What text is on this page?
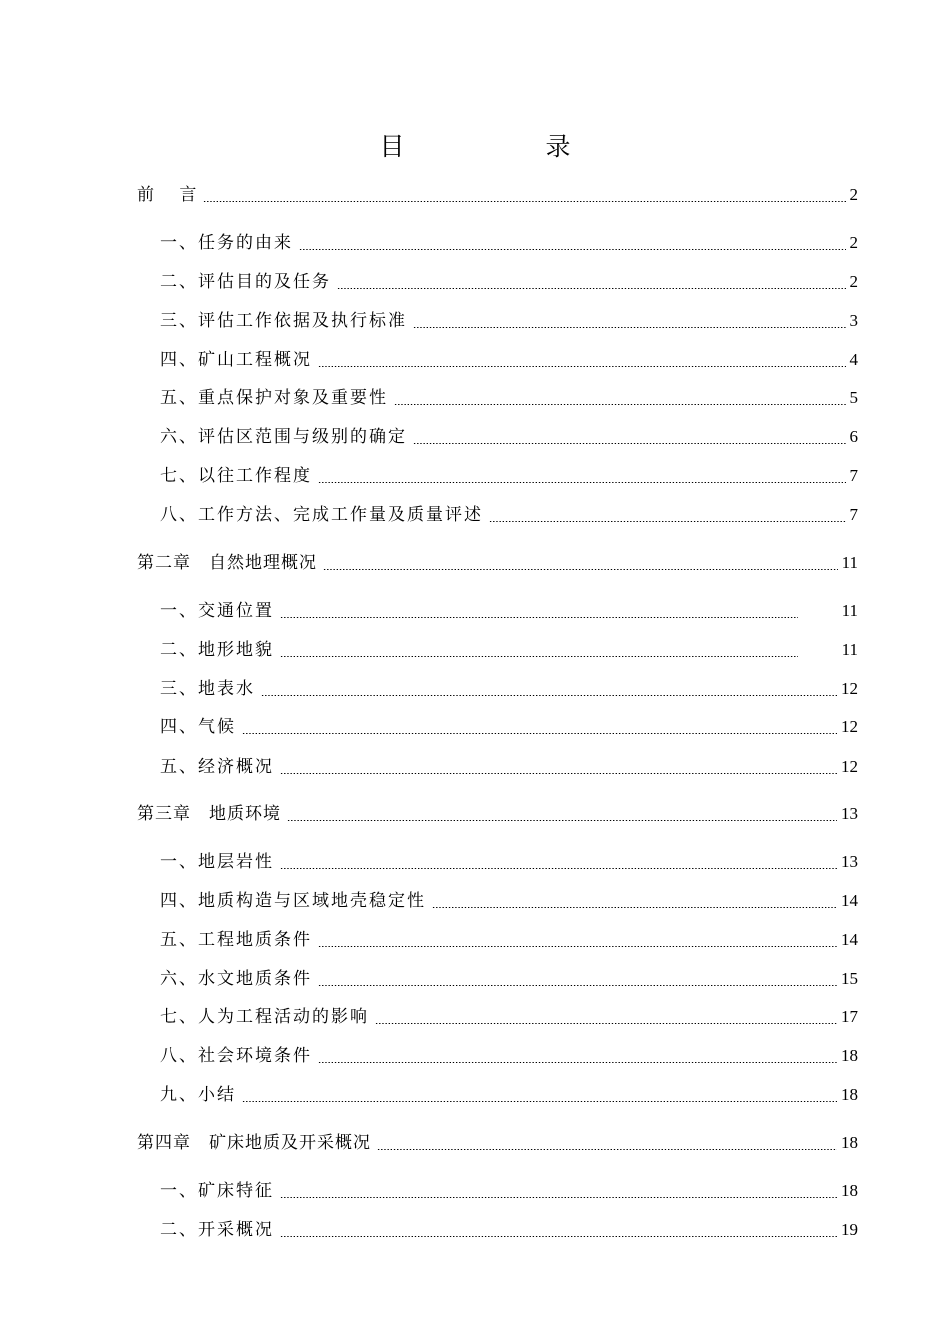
目　录
前　 言	2
一、任务的由来	2
二、评估目的及任务	2
三、评估工作依据及执行标准	3
四、矿山工程概况	4
五、重点保护对象及重要性	5
六、评估区范围与级别的确定	6
七、以往工作程度	7
八、工作方法、完成工作量及质量评述	7
第二章　自然地理概况	11
一、交通位置	11
二、地形地貌	11
三、地表水	12
四、气候	12
五、经济概况	12
第三章　地质环境	13
一、地层岩性	13
四、地质构造与区域地壳稳定性	14
五、工程地质条件	14
六、水文地质条件	15
七、人为工程活动的影响	17
八、社会环境条件	18
九、小结	18
第四章　矿床地质及开采概况	18
一、矿床特征	18
二、开采概况	19
